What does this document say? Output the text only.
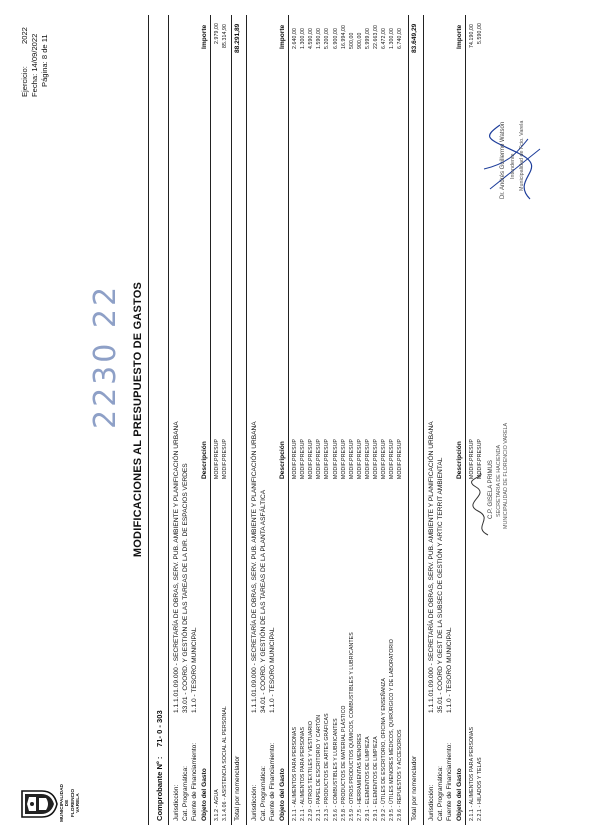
MUNICIPALIDAD DE FLORENCIO VARELA
Ejercicio:
2022 Fecha: 14/09/2022 Página: 8 de 11
2230 22 MODIFICACIONES AL PRESUPUESTO DE GASTOS
Comprobante Nº :
71- 0 - 303
Jurisdicción:
1.1.1.01.09.000 - SECRETARÍA DE OBRAS, SERV. PUB. AMBIENTE Y PLANIFICACIÓN URBANA
Cat. Programática:
33.01 - COORD. Y GESTIÓN DE LAS TAREAS DE LA DIR. DE ESPACIOS VERDES
Fuente de Financiamiento:
1.1.0 - TESORO MUNICIPAL
Objeto del Gasto
Descripción
Importe
3.1.2 - AGUA
MODIF.PRESUP
2.979,00
3.1.4.06 - ASISTENCIA SOCIAL AL PERSONAL
MODIF.PRESUP
85.314,90
Total por nomenclador
88.291,89
Jurisdicción:
1.1.1.01.09.000 - SECRETARÍA DE OBRAS, SERV. PUB. AMBIENTE Y PLANIFICACIÓN URBANA
Cat. Programática:
34.01 - COORD. Y GESTIÓN DE LAS TAREAS DE LA PLANTA ASFÁLTICA
Fuente de Financiamiento:
1.1.0 - TESORO MUNICIPAL
Objeto del Gasto
Descripción
Importe
2.1.1 - ALIMENTOS PARA PERSONAS
MODIF.PRESUP
2.640,00
2.1.1 - ALIMENTOS PARA PERSONAS
MODIF.PRESUP
1.300,00
2.2.9 - OTROS TEXTILES Y VESTUARIO
MODIF.PRESUP
4.590,00
2.3.1 - PAPEL DE ESCRITORIO Y CARTÓN
MODIF.PRESUP
1.590,00
2.3.3 - PRODUCTOS DE ARTES GRÁFICAS
MODIF.PRESUP
5.200,00
2.5.6 - COMBUSTIBLES Y LUBRICANTES
MODIF.PRESUP
6.900,00
2.5.8 - PRODUCTOS DE MATERIAL PLÁSTICO
MODIF.PRESUP
16.994,00
2.5.9 - OTROS PRODUCTOS QUÍMICOS, COMBUSTIBLES Y LUBRICANTES
MODIF.PRESUP
500,00
2.7.5 - HERRAMIENTAS MENORES
MODIF.PRESUP
900,00
2.9.1 - ELEMENTOS DE LIMPIEZA
MODIF.PRESUP
5.999,00
2.9.1 - ELEMENTOS DE LIMPIEZA
MODIF.PRESUP
22.663,00
2.9.2 - ÚTILES DE ESCRITORIO, OFICINA Y ENSEÑANZA
MODIF.PRESUP
6.472,00
2.9.5 - ÚTILES MENORES MÉDICOS, QUIRÚRGICO Y DE LABORATORIO
MODIF.PRESUP
1.300,00
2.9.6 - REPUESTOS Y ACCESORIOS
MODIF.PRESUP
6.740,00
Total por nomenclador
83.649,29
Jurisdicción:
1.1.1.01.09.000 - SECRETARÍA DE OBRAS, SERV. PUB. AMBIENTE Y PLANIFICACIÓN URBANA
Cat. Programática:
35.01 - COORD Y GEST DE LA SUBSEC DE GESTIÓN Y ARTIC TERRIT AMBIENTAL
Fuente de Financiamiento:
1.1.0 - TESORO MUNICIPAL
Objeto del Gasto
Descripción
Importe
2.1.1 - ALIMENTOS PARA PERSONAS
MODIF.PRESUP
74.190,00
2.2.1 - HILADOS Y TELAS
MODIF.PRESUP
5.590,00
C.P. GISELA PRIMUS SECRETARIA DE HACIENDA MUNICIPALIDAD DE FLORENCIO VARELA
Dr. Andrés Guillermo Watson Intendente Municipalidad de Fcio. Varela
